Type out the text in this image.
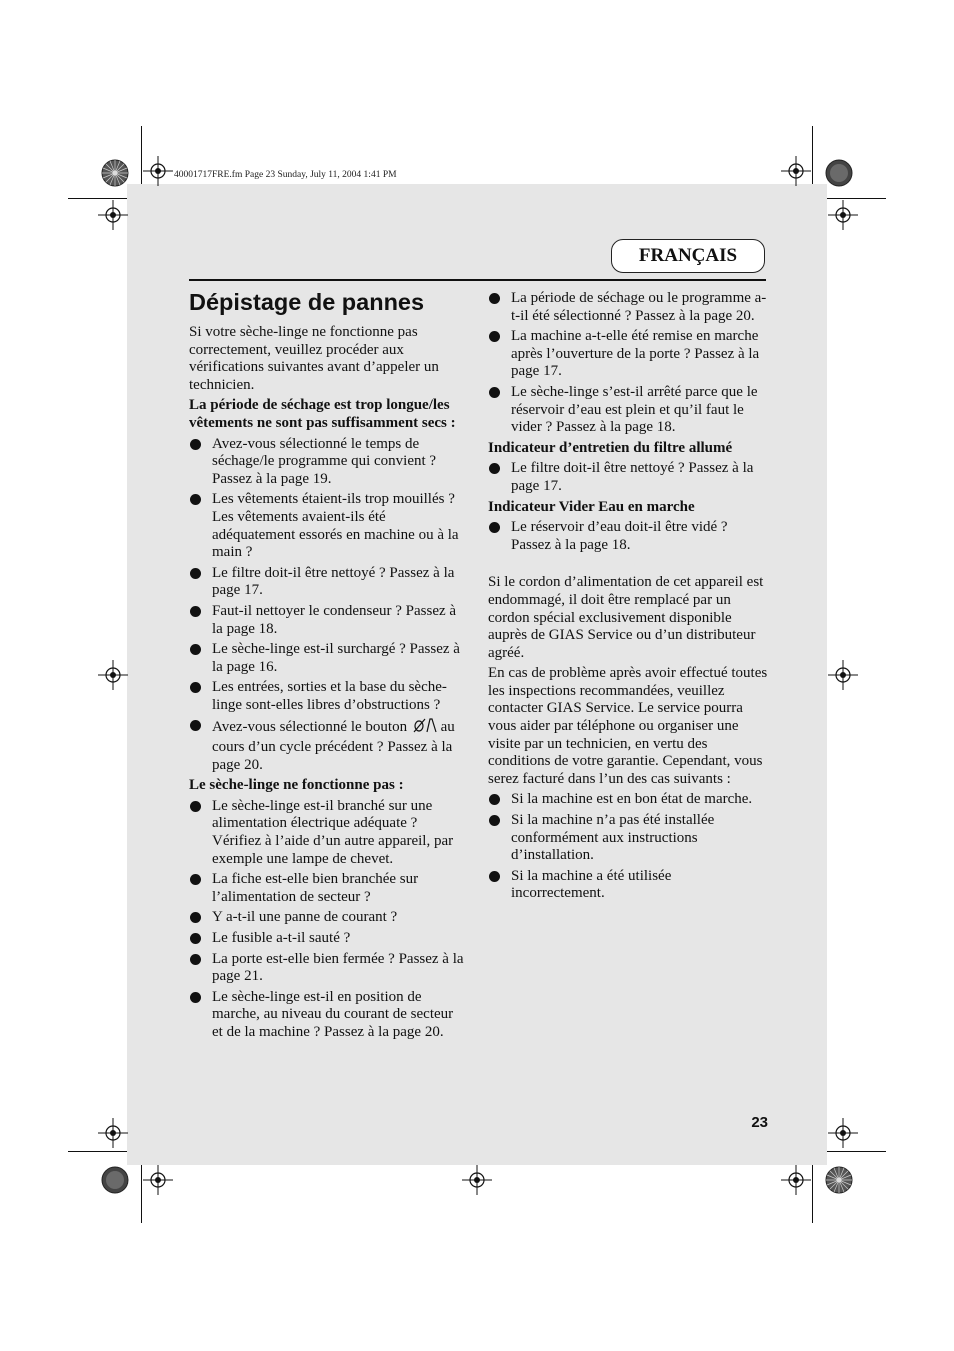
40001717FRE.fm Page 23 Sunday, July 11, 2004 1:41 PM
FRANÇAIS
Dépistage de pannes

Si votre sèche-linge ne fonctionne pas correctement, veuillez procéder aux vérifications suivantes avant d’appeler un technicien.

La période de séchage est trop longue/les vêtements ne sont pas suffisamment secs :

Avez-vous sélectionné le temps de séchage/le programme qui convient ? Passez à la page 19.
Les vêtements étaient-ils trop mouillés ? Les vêtements avaient-ils été adéquatement essorés en machine ou à la main ?
Le filtre doit-il être nettoyé ? Passez à la page 17.
Faut-il nettoyer le condenseur ? Passez à la page 18.
Le sèche-linge est-il surchargé ? Passez à la page 16.
Les entrées, sorties et la base du sèche-linge sont-elles libres d’obstructions ?
Avez-vous sélectionné le bouton au cours d’un cycle précédent ? Passez à la page 20.

Le sèche-linge ne fonctionne pas :

Le sèche-linge est-il branché sur une alimentation électrique adéquate ? Vérifiez à l’aide d’un autre appareil, par exemple une lampe de chevet.
La fiche est-elle bien branchée sur l’alimentation de secteur ?
Y a-t-il une panne de courant ?
Le fusible a-t-il sauté ?
La porte est-elle bien fermée ? Passez à la page 21.
Le sèche-linge est-il en position de marche, au niveau du courant de secteur et de la machine ? Passez à la page 20.
La période de séchage ou le programme a-t-il été sélectionné ? Passez à la page 20.
La machine a-t-elle été remise en marche après l’ouverture de la porte ? Passez à la page 17.
Le sèche-linge s’est-il arrêté parce que le réservoir d’eau est plein et qu’il faut le vider ? Passez à la page 18.

Indicateur d’entretien du filtre allumé

Le filtre doit-il être nettoyé ? Passez à la page 17.

Indicateur Vider Eau en marche

Le réservoir d’eau doit-il être vidé ? Passez à la page 18.

Si le cordon d’alimentation de cet appareil est endommagé, il doit être remplacé par un cordon spécial exclusivement disponible auprès de GIAS Service ou d’un distributeur agréé.

En cas de problème après avoir effectué toutes les inspections recommandées, veuillez contacter GIAS Service. Le service pourra vous aider par téléphone ou organiser une visite par un technicien, en vertu des conditions de votre garantie. Cependant, vous serez facturé dans l’un des cas suivants :

Si la machine est en bon état de marche.
Si la machine n’a pas été installée conformément aux instructions d’installation.
Si la machine a été utilisée incorrectement.
23
